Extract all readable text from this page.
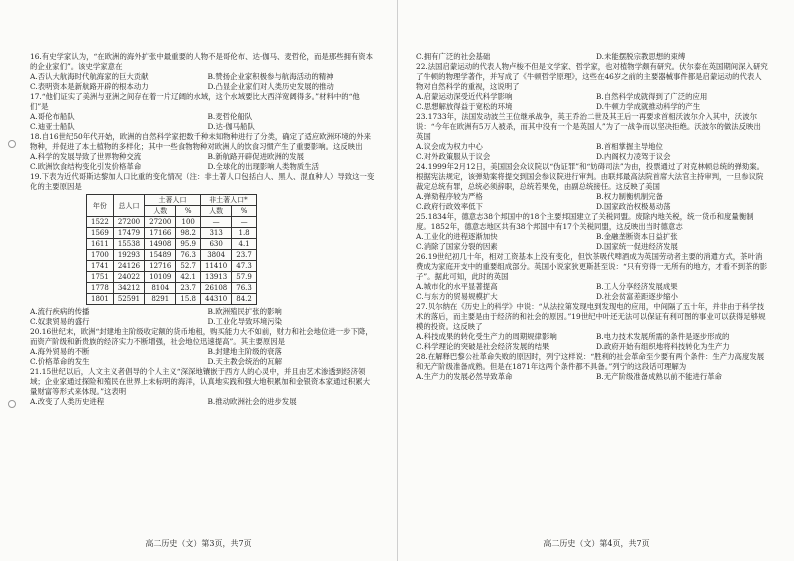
16.有史学家认为，“在欧洲的海外扩张中最重要的人物不是哥伦布、达·伽马、麦哲伦，而是那些拥有资本的企业家们”。该史学家意在

A.否认大航海时代航海家的巨大贡献	B.赞扬企业家积极参与航海活动的精神
C.表明资本是新航路开辟的根本动力	D.凸显企业家们对人类历史发展的推动

17.“他们证实了美洲与亚洲之间存在着一片辽阔的水域，这个水域要比大西洋宽阔得多。”材料中的“他们”是

A.哥伦布船队	B.麦哲伦船队
C.迪亚士船队	D.达·伽马船队

18.自16世纪50年代开始，欧洲的自然科学家把数千种未知物种进行了分类，确定了适应欧洲环境的外来物种，并促进了本土植物的多样化；其中一些食物物种对欧洲人的饮食习惯产生了重要影响。这反映出

A.科学的发展导致了世界物种交流	B.新航路开辟促进欧洲的发展
C.欧洲饮食结构变化引发价格革命	D.全球化的出现影响人类物质生活

19.下表为近代哥斯达黎加人口比重的变化情况（注：非土著人口包括白人、黑人、混血种人）导致这一变化的主要原因是

年份	总人口	土著人口		非土著人口*	
		人数	%	人数	%
1522	27200	27200	100	—	—
1569	17479	17166	98.2	313	1.8
1611	15538	14908	95.9	630	4.1
1700	19293	15489	76.3	3804	23.7
1741	24126	12716	52.7	11410	47.3
1751	24022	10109	42.1	13913	57.9
1778	34212	8104	23.7	26108	76.3
1801	52591	8291	15.8	44310	84.2
A.流行疾病的传播	B.欧洲殖民扩张的影响
C.奴隶贸易的盛行	D.工业化导致环境污染

20.16世纪末，欧洲“封建地主阶级收定额的货币地租，购买能力大不如前，财力和社会地位进一步下降，而资产阶级和新贵族的经济实力不断增强，社会地位迅速提高”。其主要原因是

A.海外贸易的不断	B.封建地主阶级的衰落
C.价格革命的发生	D.天主教会统治的瓦解

21.15世纪以后，人文主义者倡导的个人主义“深深地镶嵌于西方人的心灵中，并且由艺术渗透到经济领域；企业家通过探险和殖民在世界上未标明的海洋，认真地实践和强大地积累加和金银资本家通过积累大量财富等形式来体现。”这表明

A.改变了人类历史进程	B.推动欧洲社会的进步发展
高二历史（文）第3页，共7页
C.拥有广泛的社会基础	D.未能摆脱宗教思想的束缚

22.法国启蒙运动的代表人物卢梭不但是文学家、哲学家，也对植物学颇有研究。伏尔泰在英国期间深入研究了牛顿的物理学著作，并写成了《牛顿哲学原理》，这些在46岁之前的主要器械事件都是启蒙运动的代表人物对自然科学的重视，这说明了

A.启蒙运动深受近代科学影响	B.自然科学成就得到了广泛的应用
C.思想解放得益于宽松的环境	D.牛顿力学成就推动科学的产生

23.1733年，法国发动波兰王位继承战争，英王乔治二世及其王后一再要求首相沃波尔介入其中，沃波尔说：“今年在欧洲有5万人被杀，而其中没有一个是英国人”为了一战争而以坚决拒绝。沃波尔的做法反映出英国

A.议会成为权力中心	B.首相掌握主导地位
C.对外政策服从于议会	D.内阁权力凌驾于议会

24.1999年2月12日，美国国会众议院以“伪证罪”和“妨碍司法”为由，投票通过了对克林顿总统的弹劾案。根据宪法规定，该弹劾案将提交到国会参议院进行审判。由联邦最高法院首席大法官主持审判，一旦参议院裁定总统有罪，总统必须辞职，总统若果免，由副总统接任。这反映了美国

A.弹劾程序较为严格	B.权力制衡机制完备
C.政府行政效率低下	D.国家政治权极易动荡

25.1834年，德意志38个邦国中的18个主要邦国建立了关税同盟。废除内地关税，统一货币和度量衡制度。1852年，德意志地区共有38个邦国中有17个关税同盟，这反映出当时德意志

A.工业化的进程逐渐加快	B.金融垄断资本日益扩张
C.消除了国家分裂的因素	D.国家统一促进经济发展

26.19世纪初几十年，相对工资基本上没有变化，但饮茶吸代啤酒成为英国劳动者主要的消遣方式，茶叶消费成为家庭开支中的重要组成部分。英国小说家狄更斯甚至说：“只有穷得一无所有的地方，才看不到茶的影子”。据此可知，此时的英国

A.城市化的水平显著提高	B.工人分享经济发展成果
C.与东方的贸易规模扩大	D.社会贫富差距逐步缩小

27.贝尔纳在《历史上的科学》中说：“从法拉第发现电到发现电的应用，中间隔了五十年，并非由于科学技术的落后，而主要是由于经济的和社会的原因。”19世纪中叶还无法可以保证有利可图的事业可以获得足够规模的投资。这反映了

A.科技成果的转化受生产力的周期规律影响	B.电力技术发展所需的条件是逐步形成的
C.科学理论的突破是社会经济发展的结果	D.政府开始有组织地将科技转化为生产力

28.在解释巴黎公社革命失败的原因时，列宁这样说：“胜利的社会革命至少要有两个条件：生产力高度发展和无产阶级准备成熟。但是在1871年这两个条件都不具备。”列宁的这段话可理解为

A.生产力的发展必然导致革命	B.无产阶级准备成熟以前不能进行革命
高二历史（文）第4页，共7页
